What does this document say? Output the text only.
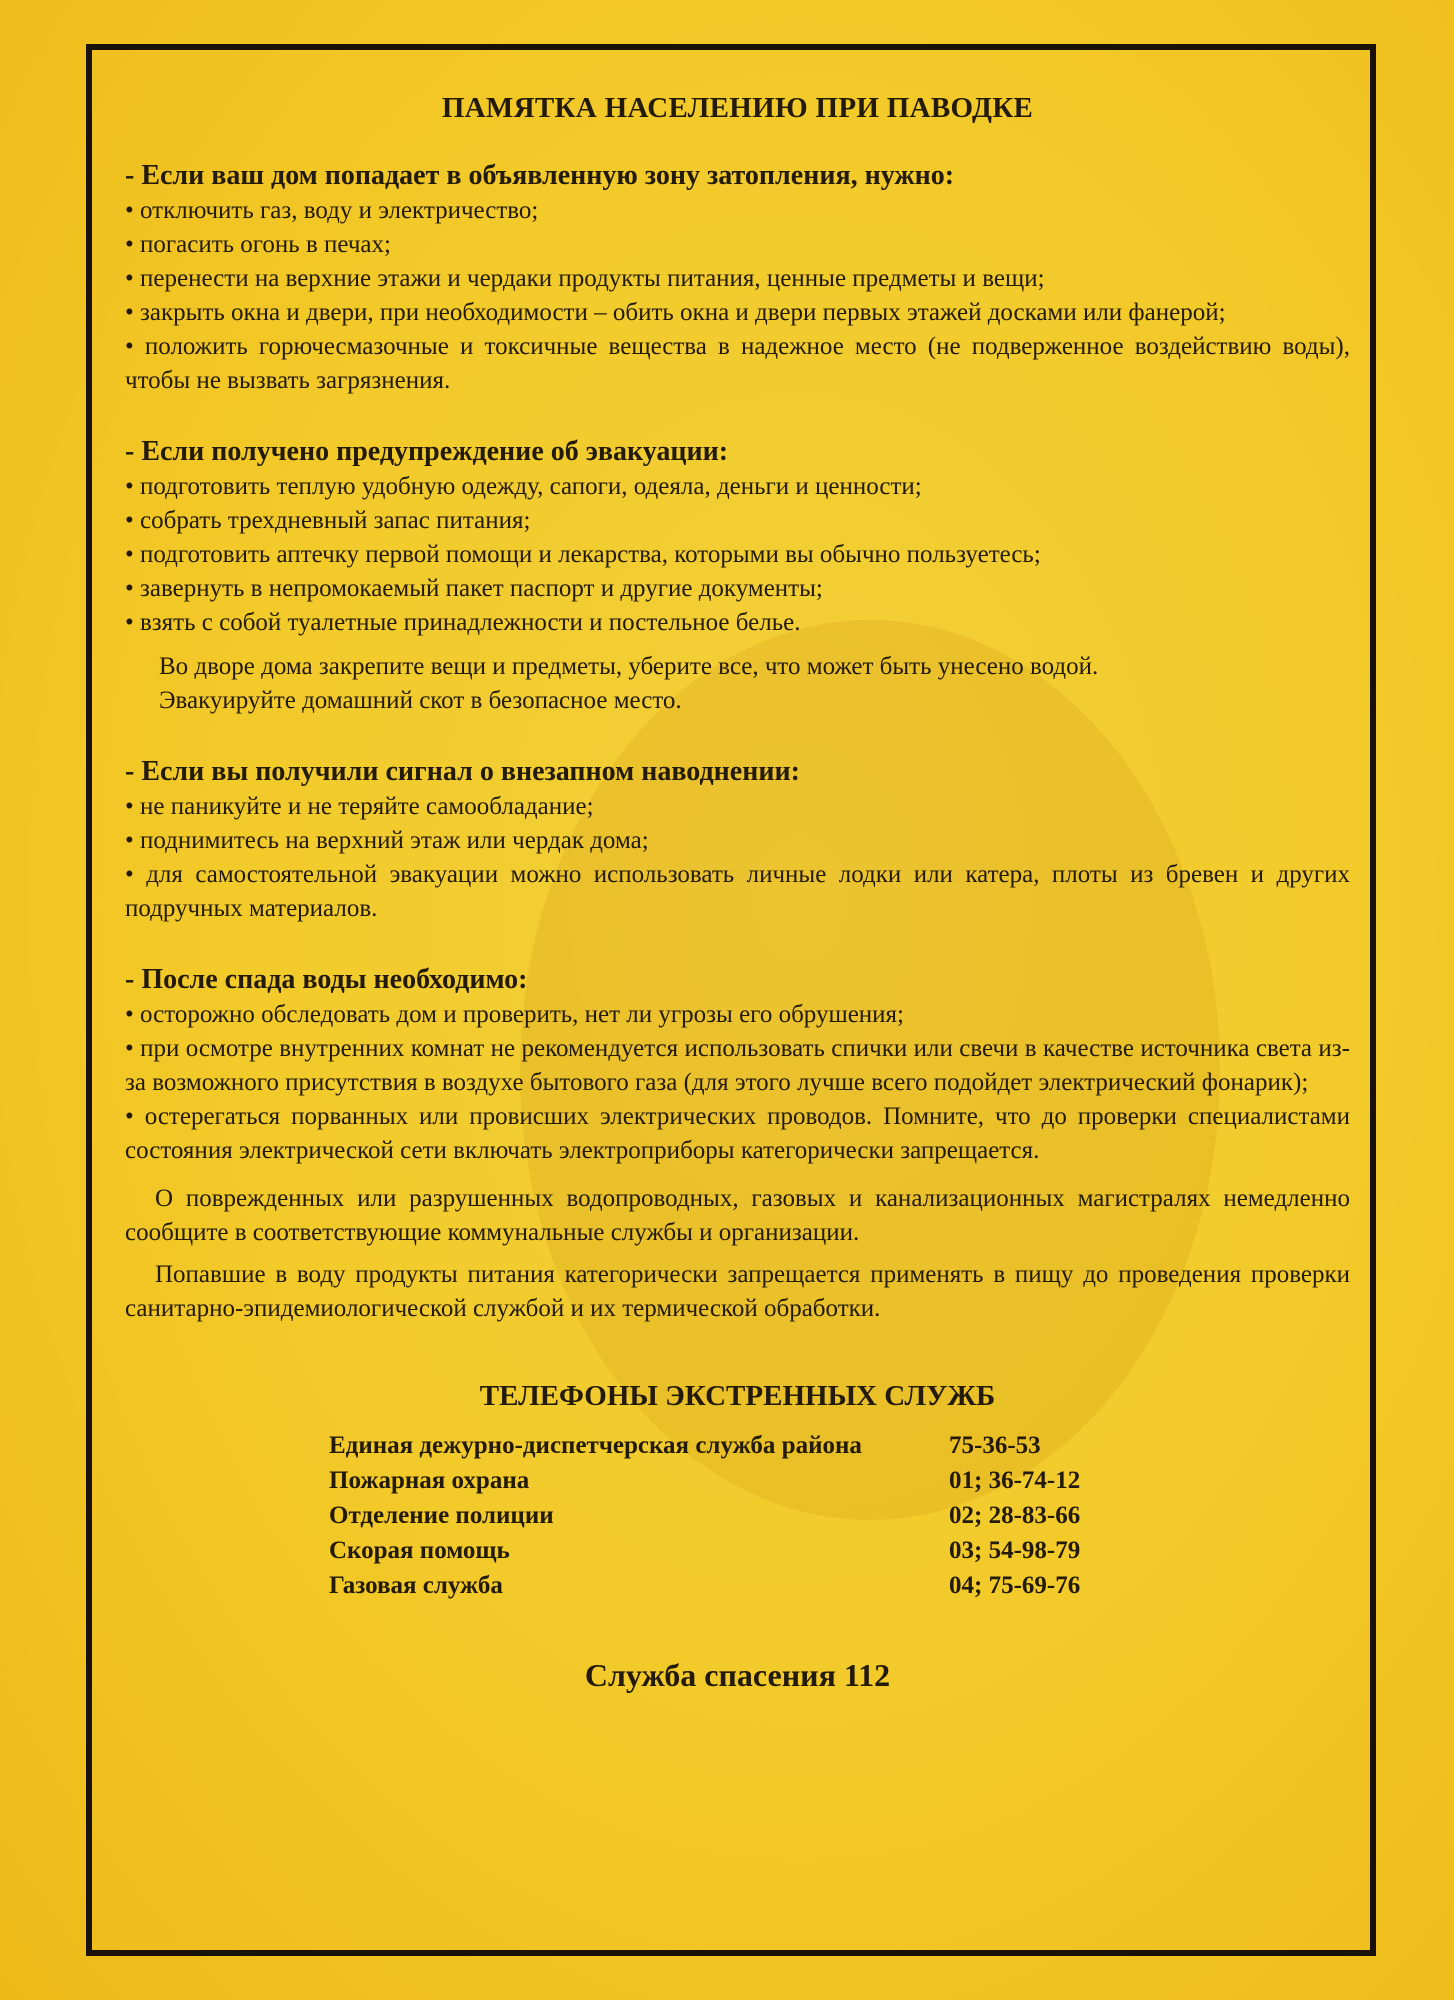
ПАМЯТКА НАСЕЛЕНИЮ ПРИ ПАВОДКЕ
- Если ваш дом попадает в объявленную зону затопления, нужно:

• отключить газ, воду и электричество;

• погасить огонь в печах;

• перенести на верхние этажи и чердаки продукты питания, ценные предметы и вещи;

• закрыть окна и двери, при необходимости – обить окна и двери первых этажей досками или фанерой;

• положить горючесмазочные и токсичные вещества в надежное место (не подверженное воздействию воды), чтобы не вызвать загрязнения.

- Если получено предупреждение об эвакуации:

• подготовить теплую удобную одежду, сапоги, одеяла, деньги и ценности;

• собрать трехдневный запас питания;

• подготовить аптечку первой помощи и лекарства, которыми вы обычно пользуетесь;

• завернуть в непромокаемый пакет паспорт и другие документы;

• взять с собой туалетные принадлежности и постельное белье.

Во дворе дома закрепите вещи и предметы, уберите все, что может быть унесено водой.

Эвакуируйте домашний скот в безопасное место.

- Если вы получили сигнал о внезапном наводнении:

• не паникуйте и не теряйте самообладание;

• поднимитесь на верхний этаж или чердак дома;

• для самостоятельной эвакуации можно использовать личные лодки или катера, плоты из бревен и других подручных материалов.

- После спада воды необходимо:

• осторожно обследовать дом и проверить, нет ли угрозы его обрушения;

• при осмотре внутренних комнат не рекомендуется использовать спички или свечи в качестве источника света из-за возможного присутствия в воздухе бытового газа (для этого лучше всего подойдет электрический фонарик);

• остерегаться порванных или провисших электрических проводов. Помните, что до проверки специалистами состояния электрической сети включать электроприборы категорически запрещается.

О поврежденных или разрушенных водопроводных, газовых и канализационных магистралях немедленно сообщите в соответствующие коммунальные службы и организации.

Попавшие в воду продукты питания категорически запрещается применять в пищу до проведения проверки санитарно-эпидемиологической службой и их термической обработки.

ТЕЛЕФОНЫ ЭКСТРЕННЫХ СЛУЖБ
Единая дежурно-диспетчерская служба района	75-36-53
Пожарная охрана	01; 36-74-12
Отделение полиции	02; 28-83-66
Скорая помощь	03; 54-98-79
Газовая служба	04; 75-69-76
Служба спасения 112
